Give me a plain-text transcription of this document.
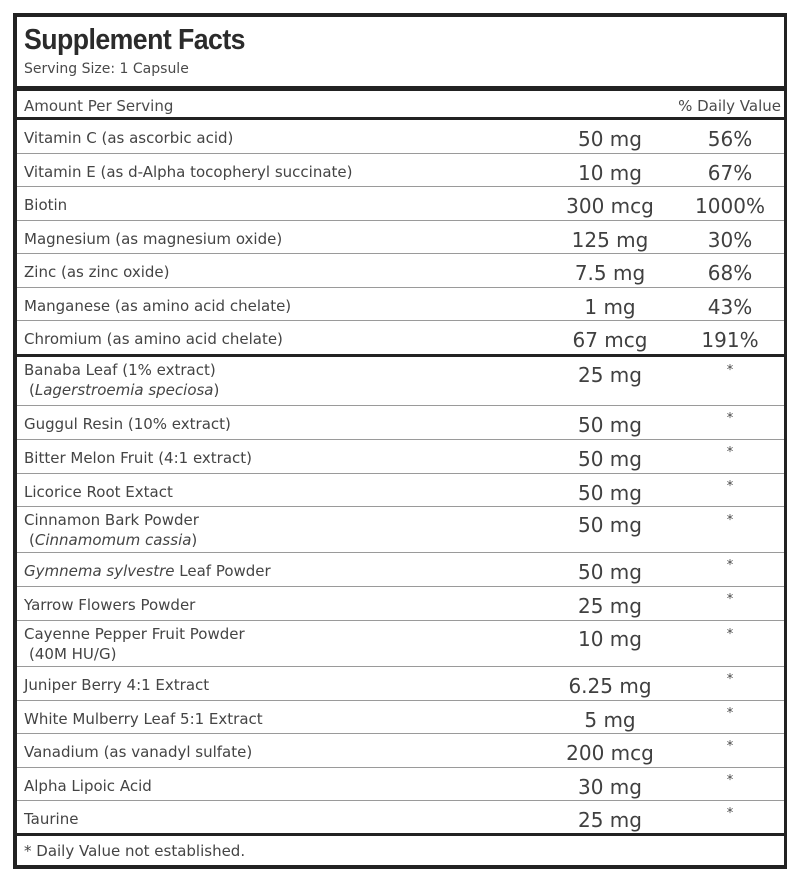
Supplement Facts
Serving Size: 1 Capsule
Amount Per Serving	% Daily Value
Vitamin C (as ascorbic acid)	50 mg	56%
Vitamin E (as d-Alpha tocopheryl succinate)	10 mg	67%
Biotin	300 mcg	1000%
Magnesium (as magnesium oxide)	125 mg	30%
Zinc (as zinc oxide)	7.5 mg	68%
Manganese (as amino acid chelate)	1 mg	43%
Chromium (as amino acid chelate)	67 mcg	191%
Banaba Leaf (1% extract)
(Lagerstroemia speciosa)
25 mg	*
Guggul Resin (10% extract)	50 mg	*
Bitter Melon Fruit (4:1 extract)	50 mg	*
Licorice Root Extact	50 mg	*
Cinnamon Bark Powder
(Cinnamomum cassia)
50 mg	*
Gymnema sylvestre Leaf Powder	50 mg	*
Yarrow Flowers Powder	25 mg	*
Cayenne Pepper Fruit Powder
(40M HU/G)
10 mg	*
Juniper Berry 4:1 Extract	6.25 mg	*
White Mulberry Leaf 5:1 Extract	5 mg	*
Vanadium (as vanadyl sulfate)	200 mcg	*
Alpha Lipoic Acid	30 mg	*
Taurine	25 mg	*
* Daily Value not established.
